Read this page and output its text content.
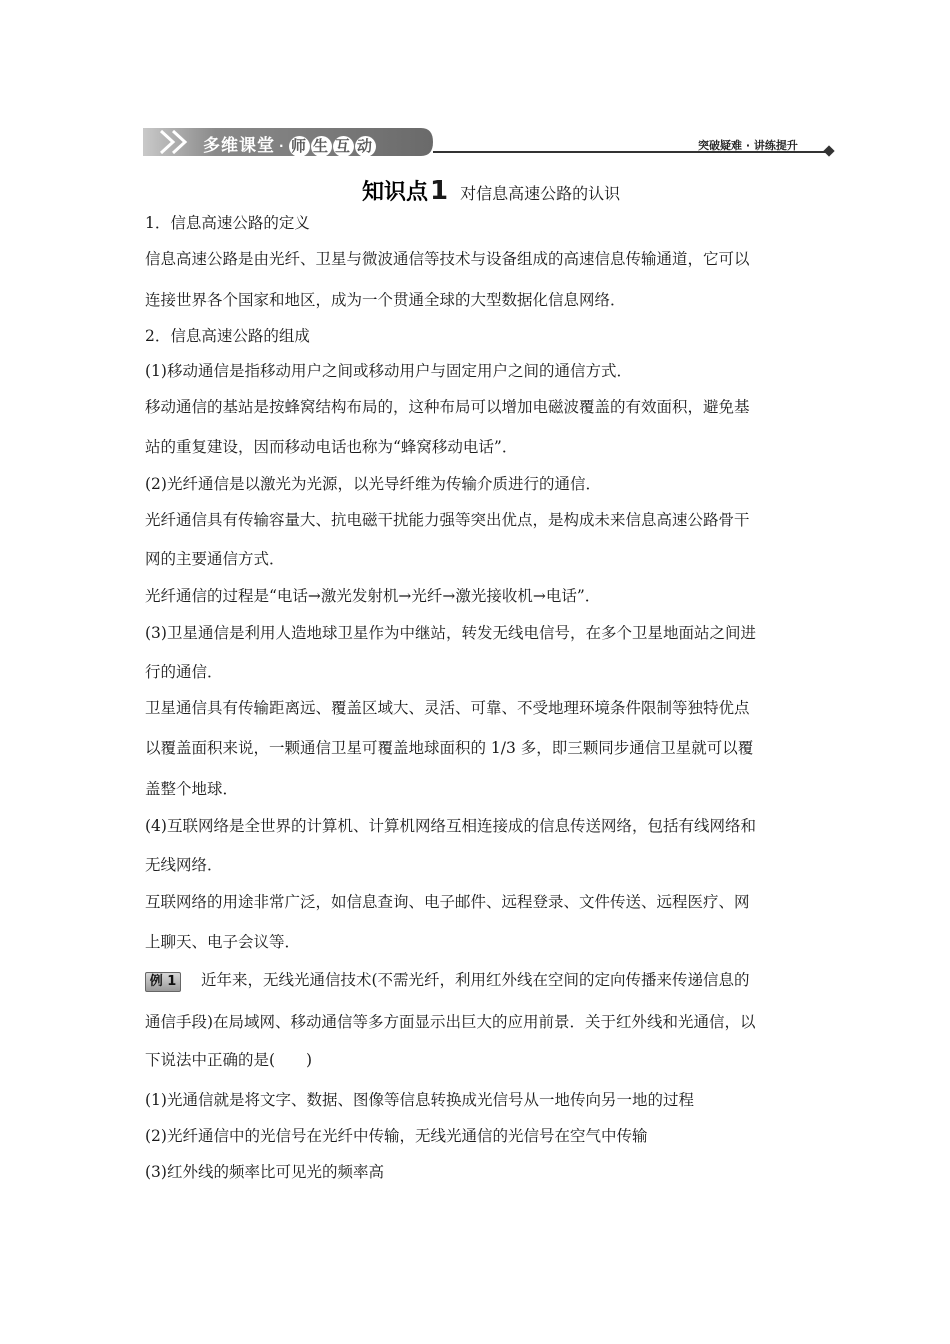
多维课堂 · 师 生 互 动	突破疑难 · 讲练提升
知识点1 对信息高速公路的认识
1．信息高速公路的定义
信息高速公路是由光纤、卫星与微波通信等技术与设备组成的高速信息传输通道，它可以
连接世界各个国家和地区，成为一个贯通全球的大型数据化信息网络．
2．信息高速公路的组成
(1)移动通信是指移动用户之间或移动用户与固定用户之间的通信方式．
移动通信的基站是按蜂窝结构布局的，这种布局可以增加电磁波覆盖的有效面积，避免基
站的重复建设，因而移动电话也称为“蜂窝移动电话”．
(2)光纤通信是以激光为光源，以光导纤维为传输介质进行的通信．
光纤通信具有传输容量大、抗电磁干扰能力强等突出优点，是构成未来信息高速公路骨干
网的主要通信方式．
光纤通信的过程是“电话→激光发射机→光纤→激光接收机→电话”．
(3)卫星通信是利用人造地球卫星作为中继站，转发无线电信号，在多个卫星地面站之间进
行的通信．
卫星通信具有传输距离远、覆盖区域大、灵活、可靠、不受地理环境条件限制等独特优点
以覆盖面积来说，一颗通信卫星可覆盖地球面积的 1/3 多，即三颗同步通信卫星就可以覆
盖整个地球．
(4)互联网络是全世界的计算机、计算机网络互相连接成的信息传送网络，包括有线网络和
无线网络．
互联网络的用途非常广泛，如信息查询、电子邮件、远程登录、文件传送、远程医疗、网
上聊天、电子会议等．
例 1 近年来，无线光通信技术(不需光纤，利用红外线在空间的定向传播来传递信息的
通信手段)在局域网、移动通信等多方面显示出巨大的应用前景．关于红外线和光通信，以
下说法中正确的是(　　)
(1)光通信就是将文字、数据、图像等信息转换成光信号从一地传向另一地的过程
(2)光纤通信中的光信号在光纤中传输，无线光通信的光信号在空气中传输
(3)红外线的频率比可见光的频率高
